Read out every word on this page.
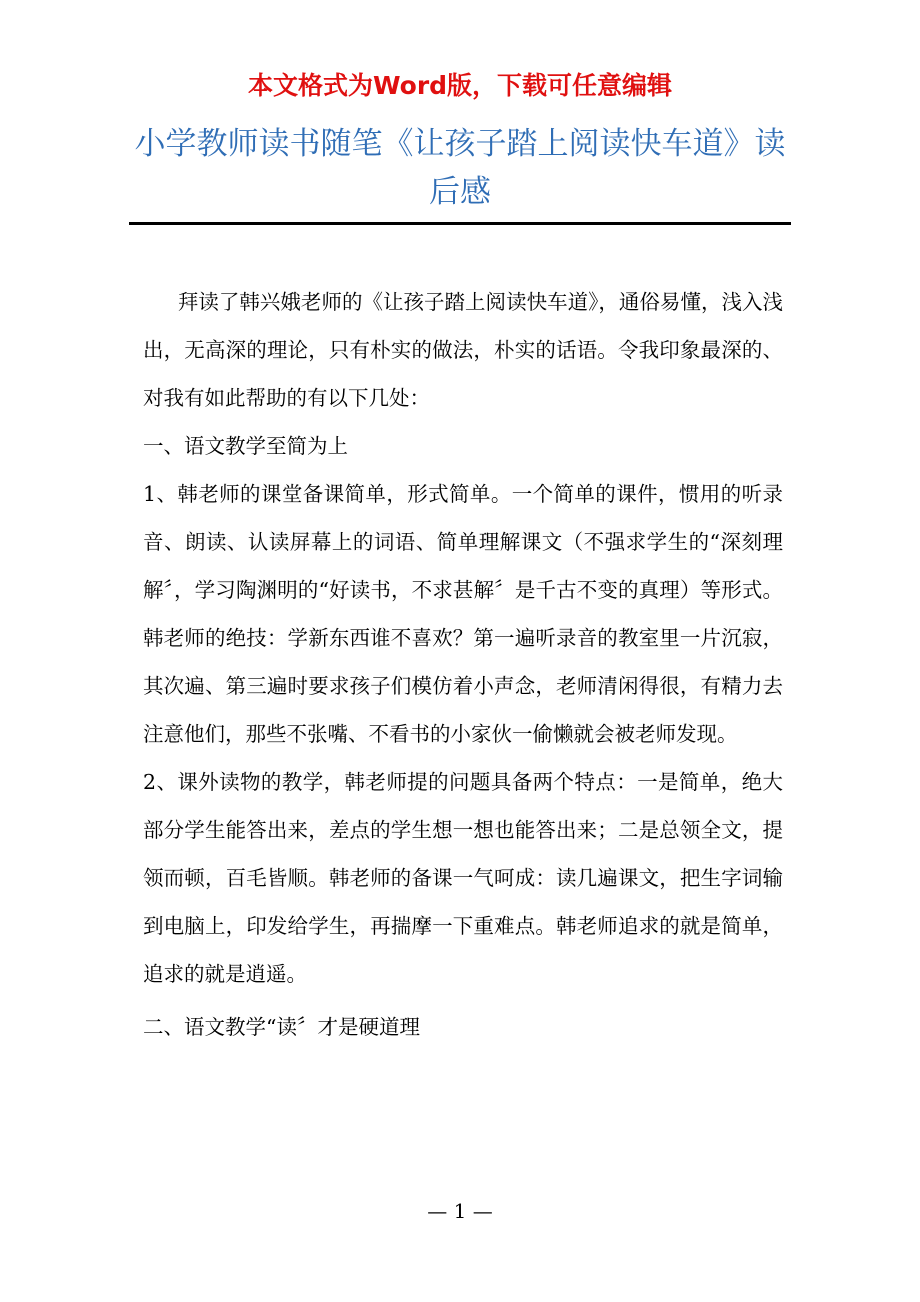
本文格式为Word版，下载可任意编辑
小学教师读书随笔《让孩子踏上阅读快车道》读后感

拜读了韩兴娥老师的《让孩子踏上阅读快车道》，通俗易懂，浅入浅出，无高深的理论，只有朴实的做法，朴实的话语。令我印象最深的、对我有如此帮助的有以下几处：

一、语文教学至简为上

1、韩老师的课堂备课简单，形式简单。一个简单的课件，惯用的听录音、朗读、认读屏幕上的词语、简单理解课文（不强求学生的“深刻理解〞，学习陶渊明的“好读书，不求甚解〞是千古不变的真理）等形式。韩老师的绝技：学新东西谁不喜欢？第一遍听录音的教室里一片沉寂，其次遍、第三遍时要求孩子们模仿着小声念，老师清闲得很，有精力去注意他们，那些不张嘴、不看书的小家伙一偷懒就会被老师发现。

2、课外读物的教学，韩老师提的问题具备两个特点：一是简单，绝大部分学生能答出来，差点的学生想一想也能答出来；二是总领全文，提领而顿，百毛皆顺。韩老师的备课一气呵成：读几遍课文，把生字词输到电脑上，印发给学生，再揣摩一下重难点。韩老师追求的就是简单，追求的就是逍遥。

二、语文教学“读〞才是硬道理

— 1 —
